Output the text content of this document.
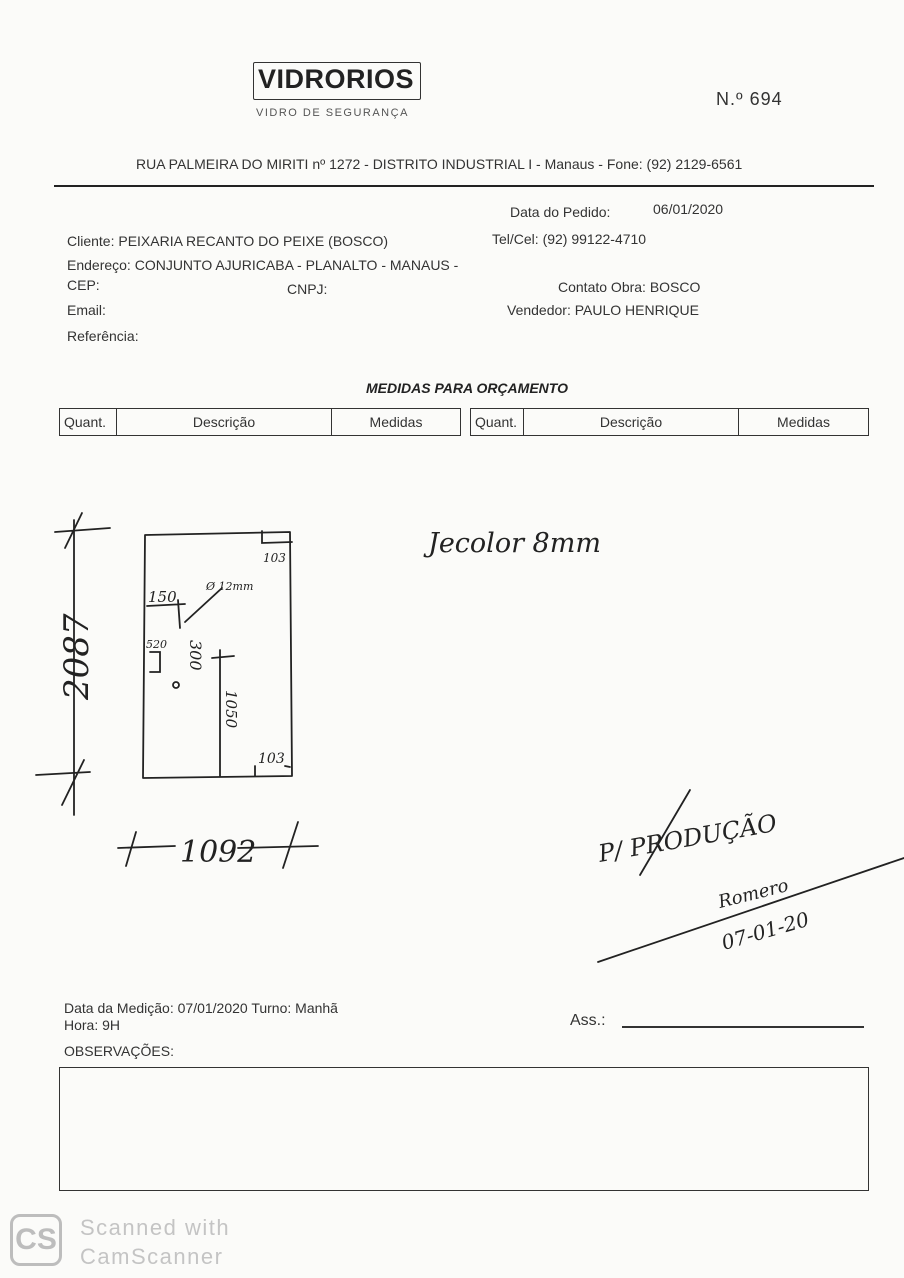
VIDRORIOS
VIDRO DE SEGURANÇA
N.º 694
RUA PALMEIRA DO MIRITI nº 1272 - DISTRITO INDUSTRIAL I - Manaus - Fone: (92) 2129-6561
Data do Pedido:	06/01/2020
Cliente: PEIXARIA RECANTO DO PEIXE (BOSCO)	Tel/Cel: (92) 99122-4710
Endereço: CONJUNTO AJURICABA - PLANALTO - MANAUS -
CEP:	CNPJ:	Contato Obra: BOSCO
Email:	Vendedor: PAULO HENRIQUE
Referência:
MEDIDAS PARA ORÇAMENTO
Quant.	Descrição	Medidas	Quant.	Descrição	Medidas
Jecolor 8mm
2087
1092
103
Ø 12mm
150
520 300
1050
103
P/ PRODUÇÃO
Romero
07-01-20
Data da Medição: 07/01/2020 Turno: Manhã
Hora: 9H	Ass.:
OBSERVAÇÕES:
CS Scanned with
CamScanner
